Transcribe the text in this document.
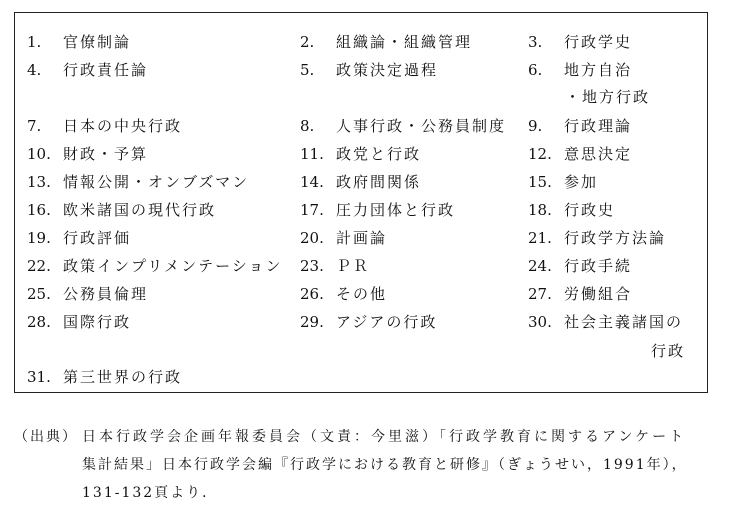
1. 官僚制論	2. 組織論・組織管理	3. 行政学史
4. 行政責任論	5. 政策決定過程	6. 地方自治
・地方行政
7. 日本の中央行政	8. 人事行政・公務員制度 9. 行政理論
10. 財政・予算	11. 政党と行政	12. 意思決定
13. 情報公開・オンブズマン	14. 政府間関係	15. 参加
16. 欧米諸国の現代行政	17. 圧力団体と行政	18. 行政史
19. 行政評価	20. 計画論	21. 行政学方法論
22. 政策インプリメンテーション 23. ＰＲ	24. 行政手続
25. 公務員倫理	26. その他	27. 労働組合
28. 国際行政	29. アジアの行政	30. 社会主義諸国の
行政
31. 第三世界の行政
（出典） 日本行政学会企画年報委員会（文責：今里滋）「行政学教育に関するアンケート
集計結果」日本行政学会編『行政学における教育と研修』（ぎょうせい，1991年），
131-132頁より．
